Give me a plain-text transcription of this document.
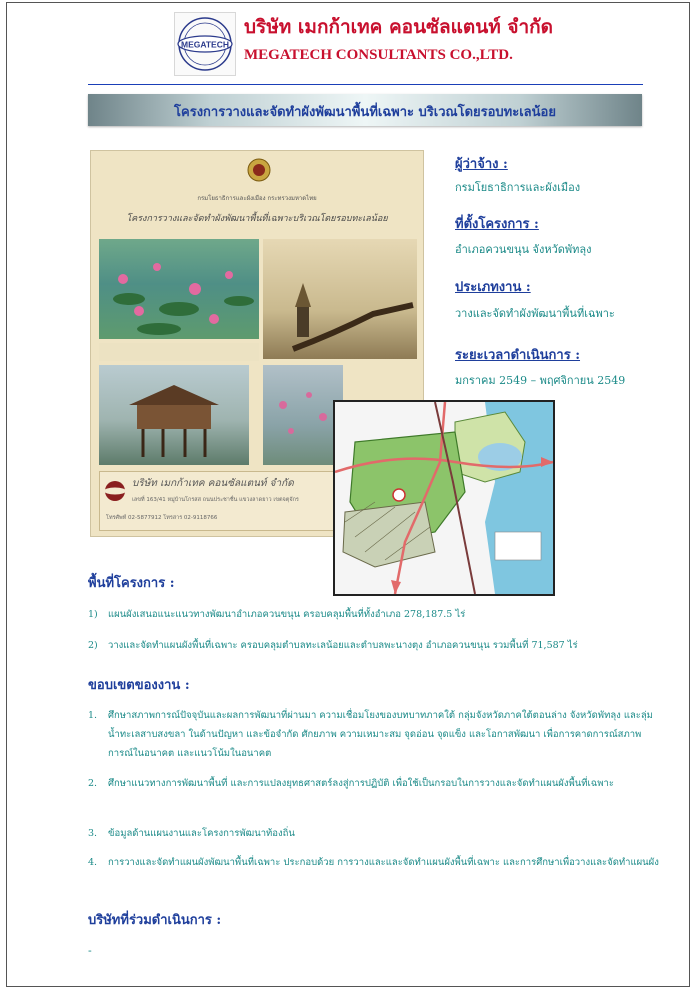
MEGATECH
บริษัท เมกก้าเทค คอนซัลแตนท์ จำกัด
MEGATECH CONSULTANTS CO.,LTD.
โครงการวางและจัดทำผังพัฒนาพื้นที่เฉพาะ บริเวณโดยรอบทะเลน้อย
กรมโยธาธิการและผังเมือง กระทรวงมหาดไทย
โครงการวางและจัดทำผังพัฒนาพื้นที่เฉพาะบริเวณโดยรอบทะเลน้อย
บริษัท เมกก้าเทค คอนซัลแตนท์ จำกัด
เลขที่ 163/41 หมู่บ้านโกรสส ถนนประชาชื่น แขวงลาดยาว เขตจตุจักร
โทรศัพท์ 02-5877912 โทรสาร 02-9118766
ผู้ว่าจ้าง :
กรมโยธาธิการและผังเมือง
ที่ตั้งโครงการ :
อำเภอควนขนุน จังหวัดพัทลุง
ประเภทงาน :
วางและจัดทำผังพัฒนาพื้นที่เฉพาะ
ระยะเวลาดำเนินการ :
มกราคม 2549 – พฤศจิกายน 2549
พื้นที่โครงการ :
1) แผนผังเสนอแนะแนวทางพัฒนาอำเภอควนขนุน ครอบคลุมพื้นที่ทั้งอำเภอ 278,187.5 ไร่
2) วางและจัดทำแผนผังพื้นที่เฉพาะ ครอบคลุมตำบลทะเลน้อยและตำบลพะนางตุง อำเภอควนขนุน รวมพื้นที่ 71,587 ไร่
ขอบเขตของงาน :
1. ศึกษาสภาพการณ์ปัจจุบันและผลการพัฒนาที่ผ่านมา ความเชื่อมโยงของบทบาทภาคใต้ กลุ่มจังหวัดภาคใต้ตอนล่าง จังหวัดพัทลุง และลุ่มน้ำทะเลสาบสงขลา ในด้านปัญหา และข้อจำกัด ศักยภาพ ความเหมาะสม จุดอ่อน จุดแข็ง และโอกาสพัฒนา เพื่อการคาดการณ์สภาพการณ์ในอนาคต และแนวโน้มในอนาคต
2. ศึกษาแนวทางการพัฒนาพื้นที่ และการแปลงยุทธศาสตร์ลงสู่การปฏิบัติ เพื่อใช้เป็นกรอบในการวางและจัดทำแผนผังพื้นที่เฉพาะ
3. ข้อมูลด้านแผนงานและโครงการพัฒนาท้องถิ่น
4. การวางและจัดทำแผนผังพัฒนาพื้นที่เฉพาะ ประกอบด้วย การวางและและจัดทำแผนผังพื้นที่เฉพาะ และการศึกษาเพื่อวางและจัดทำแผนผัง
บริษัทที่ร่วมดำเนินการ :
-
